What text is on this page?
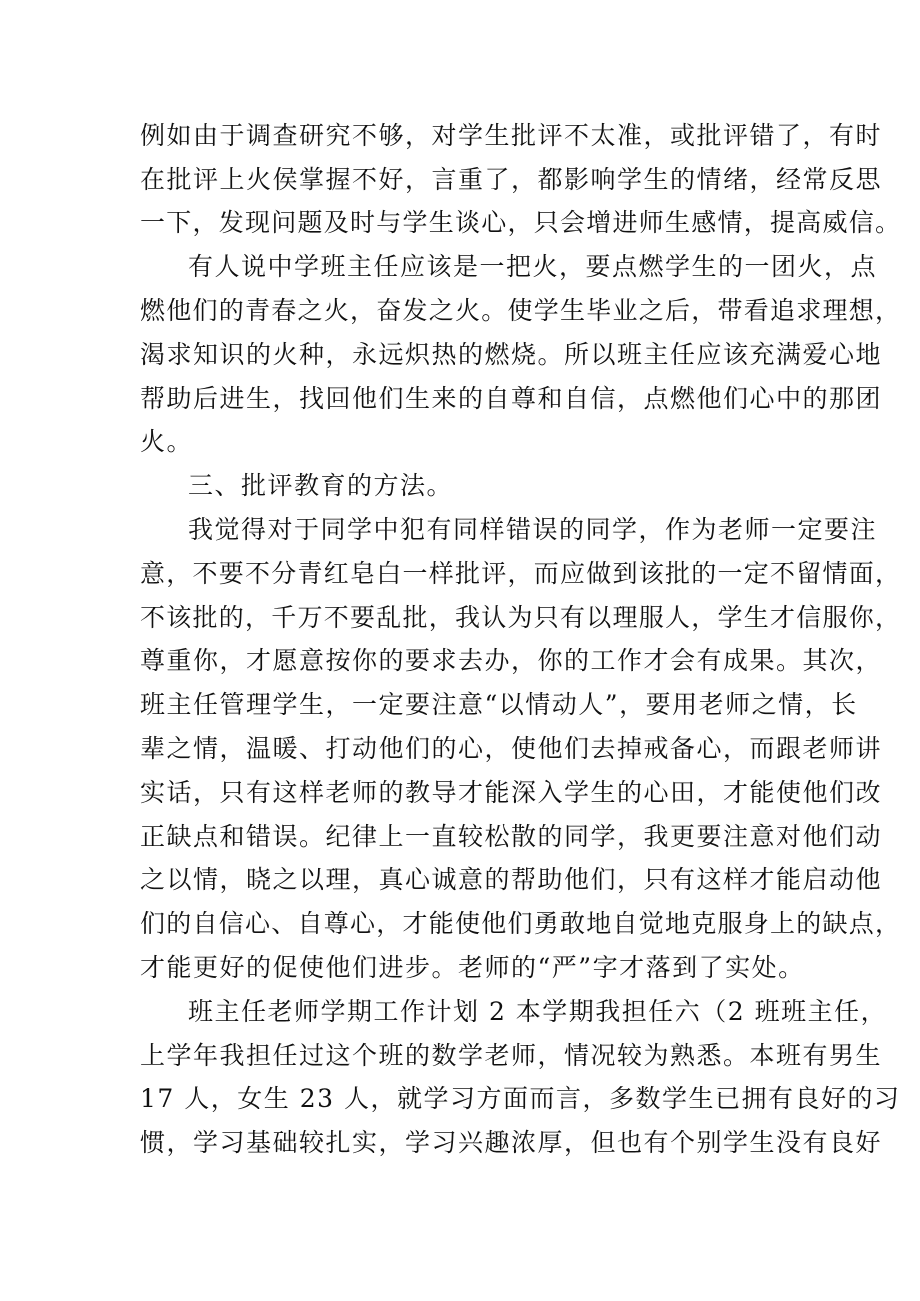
例如由于调查研究不够，对学生批评不太准，或批评错了，有时
在批评上火侯掌握不好，言重了，都影响学生的情绪，经常反思
一下，发现问题及时与学生谈心，只会增进师生感情，提高威信。
有人说中学班主任应该是一把火，要点燃学生的一团火，点
燃他们的青春之火，奋发之火。使学生毕业之后，带看追求理想，
渴求知识的火种，永远炽热的燃烧。所以班主任应该充满爱心地
帮助后进生，找回他们生来的自尊和自信，点燃他们心中的那团
火。
三、批评教育的方法。
我觉得对于同学中犯有同样错误的同学，作为老师一定要注
意，不要不分青红皂白一样批评，而应做到该批的一定不留情面，
不该批的，千万不要乱批，我认为只有以理服人，学生才信服你，
尊重你，才愿意按你的要求去办，你的工作才会有成果。其次，
班主任管理学生，一定要注意“以情动人”，要用老师之情，长
辈之情，温暖、打动他们的心，使他们去掉戒备心，而跟老师讲
实话，只有这样老师的教导才能深入学生的心田，才能使他们改
正缺点和错误。纪律上一直较松散的同学，我更要注意对他们动
之以情，晓之以理，真心诚意的帮助他们，只有这样才能启动他
们的自信心、自尊心，才能使他们勇敢地自觉地克服身上的缺点，
才能更好的促使他们进步。老师的“严”字才落到了实处。
班主任老师学期工作计划 2 本学期我担任六（2 班班主任，
上学年我担任过这个班的数学老师，情况较为熟悉。本班有男生
17 人，女生 23 人，就学习方面而言，多数学生已拥有良好的习
惯，学习基础较扎实，学习兴趣浓厚，但也有个别学生没有良好
